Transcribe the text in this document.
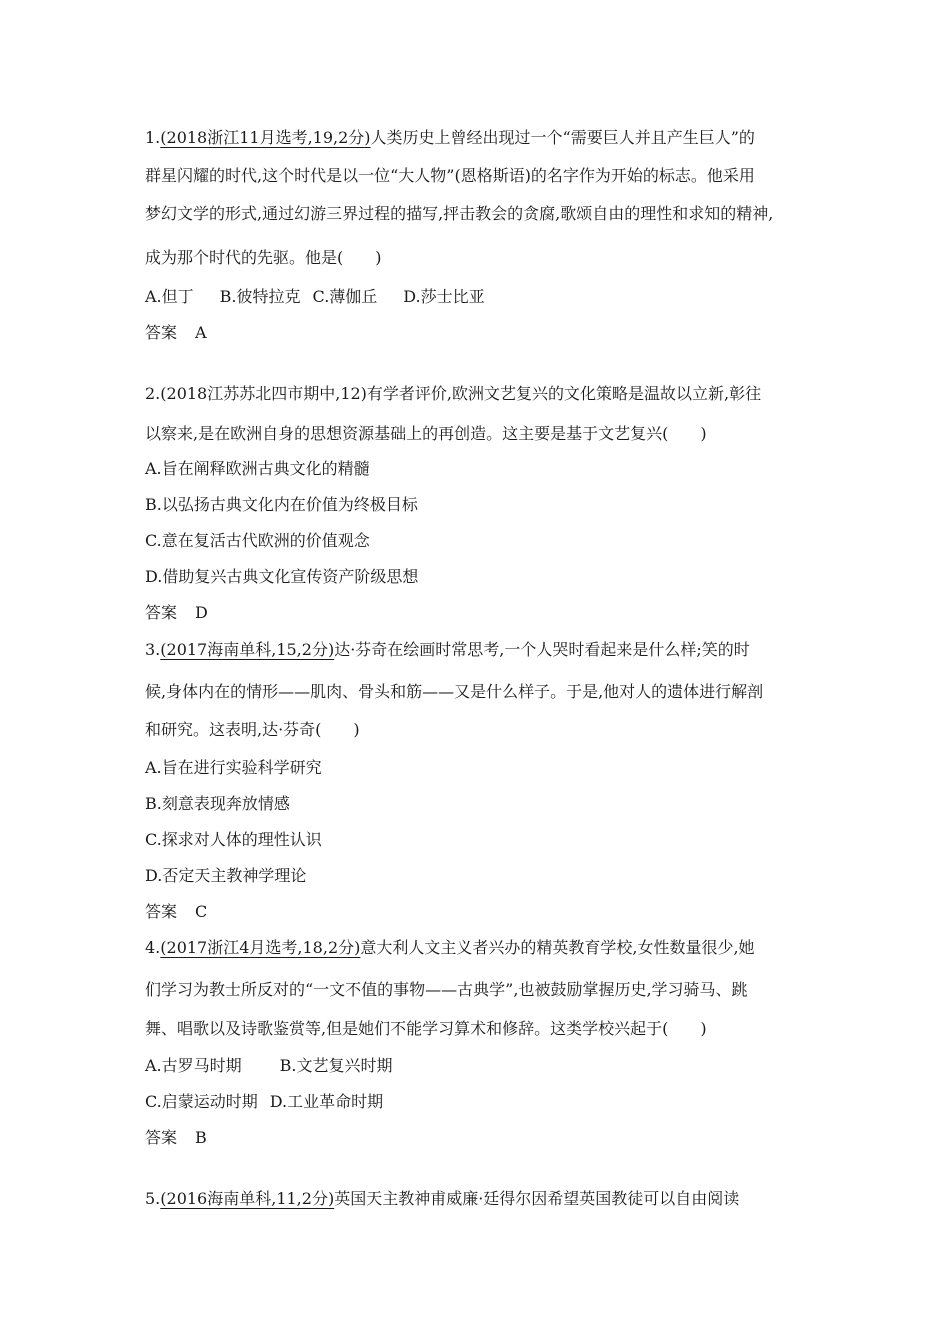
1.(2018浙江11月选考,19,2分)人类历史上曾经出现过一个“需要巨人并且产生巨人”的
群星闪耀的时代,这个时代是以一位“大人物”(恩格斯语)的名字作为开始的标志。他采用
梦幻文学的形式,通过幻游三界过程的描写,抨击教会的贪腐,歌颂自由的理性和求知的精神,
成为那个时代的先驱。他是(　　)
A.但丁 B.彼特拉克 C.薄伽丘 D.莎士比亚
答案 A
2.(2018江苏苏北四市期中,12)有学者评价,欧洲文艺复兴的文化策略是温故以立新,彰往
以察来,是在欧洲自身的思想资源基础上的再创造。这主要是基于文艺复兴(　　)
A.旨在阐释欧洲古典文化的精髓
B.以弘扬古典文化内在价值为终极目标
C.意在复活古代欧洲的价值观念
D.借助复兴古典文化宣传资产阶级思想
答案 D
3.(2017海南单科,15,2分)达·芬奇在绘画时常思考,一个人哭时看起来是什么样;笑的时
候,身体内在的情形——肌肉、骨头和筋——又是什么样子。于是,他对人的遗体进行解剖
和研究。这表明,达·芬奇(　　)
A.旨在进行实验科学研究
B.刻意表现奔放情感
C.探求对人体的理性认识
D.否定天主教神学理论
答案 C
4.(2017浙江4月选考,18,2分)意大利人文主义者兴办的精英教育学校,女性数量很少,她
们学习为教士所反对的“一文不值的事物——古典学”,也被鼓励掌握历史,学习骑马、跳
舞、唱歌以及诗歌鉴赏等,但是她们不能学习算术和修辞。这类学校兴起于(　　)
A.古罗马时期 B.文艺复兴时期
C.启蒙运动时期 D.工业革命时期
答案 B
5.(2016海南单科,11,2分)英国天主教神甫威廉·廷得尔因希望英国教徒可以自由阅读
